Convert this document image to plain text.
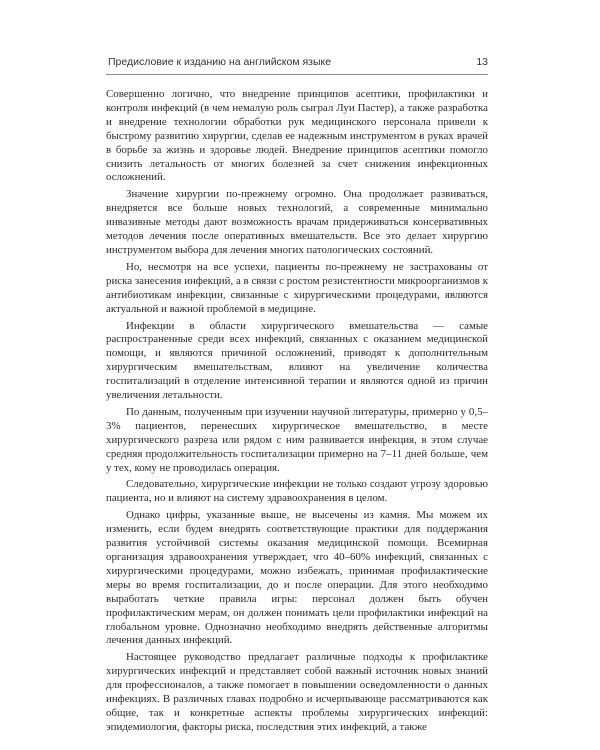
Предисловие к изданию на английском языке	13

Совершенно логично, что внедрение принципов асептики, профилактики и контроля инфекций (в чем немалую роль сыграл Луи Пастер), а также разработка и внедрение технологии обработки рук медицинского персонала привели к быстрому развитию хирургии, сделав ее надежным инструментом в руках врачей в борьбе за жизнь и здоровье людей. Внедрение принципов асептики помогло снизить летальность от многих болезней за счет снижения инфекционных осложнений.

Значение хирургии по-прежнему огромно. Она продолжает развиваться, внедряется все больше новых технологий, а современные минимально инвазивные методы дают возможность врачам придерживаться консервативных методов лечения после оперативных вмешательств. Все это делает хирургию инструментом выбора для лечения многих патологических состояний.

Но, несмотря на все успехи, пациенты по-прежнему не застрахованы от риска занесения инфекций, а в связи с ростом резистентности микроорганизмов к антибиотикам инфекции, связанные с хирургическими процедурами, являются актуальной и важной проблемой в медицине.

Инфекции в области хирургического вмешательства — самые распространенные среди всех инфекций, связанных с оказанием медицинской помощи, и являются причиной осложнений, приводят к дополнительным хирургическим вмешательствам, влияют на увеличение количества госпитализаций в отделение интенсивной терапии и являются одной из причин увеличения летальности.

По данным, полученным при изучении научной литературы, примерно у 0,5–3% пациентов, перенесших хирургическое вмешательство, в месте хирургического разреза или рядом с ним развивается инфекция, в этом случае средняя продолжительность госпитализации примерно на 7–11 дней больше, чем у тех, кому не проводилась операция.

Следовательно, хирургические инфекции не только создают угрозу здоровью пациента, но и влияют на систему здравоохранения в целом.

Однако цифры, указанные выше, не высечены из камня. Мы можем их изменить, если будем внедрять соответствующие практики для поддержания развития устойчивой системы оказания медицинской помощи. Всемирная организация здравоохранения утверждает, что 40–60% инфекций, связанных с хирургическими процедурами, можно избежать, принимая профилактические меры во время госпитализации, до и после операции. Для этого необходимо выработать четкие правила игры: персонал должен быть обучен профилактическим мерам, он должен понимать цели профилактики инфекций на глобальном уровне. Однозначно необходимо внедрять действенные алгоритмы лечения данных инфекций.

Настоящее руководство предлагает различные подходы к профилактике хирургических инфекций и представляет собой важный источник новых знаний для профессионалов, а также помогает в повышении осведомленности о данных инфекциях. В различных главах подробно и исчерпывающе рассматриваются как общие, так и конкретные аспекты проблемы хирургических инфекций: эпидемиология, факторы риска, последствия этих инфекций, а также
